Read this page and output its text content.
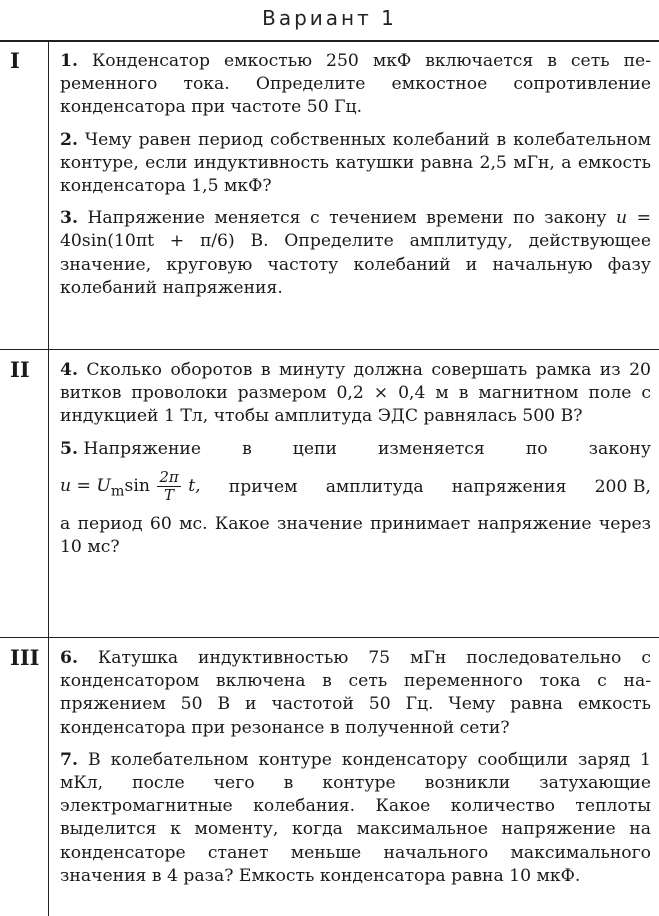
Вариант 1
I 1. Конденсатор емкостью 250 мкФ включается в сеть переменного тока. Определите емкостное сопротивление конденсатора при частоте 50 Гц.

2. Чему равен период собственных колебаний в колебательном контуре, если индуктивность катушки равна 2,5 мГн, а емкость конденсатора 1,5 мкФ?

3. Напряжение меняется с течением времени по закону u = 40sin(10πt + π/6) В. Определите амплитуду, действующее значение, круговую частоту колебаний и начальную фазу колебаний напряжения.

II 4. Сколько оборотов в минуту должна совершать рамка из 20 витков проволоки размером 0,2 × 0,4 м в магнитном поле с индукцией 1 Тл, чтобы амплитуда ЭДС равнялась 500 В?

5. Напряжение в цепи изменяется по закону
$u = U_m\sin \frac{2\pi}{T} t$, причем амплитуда напряжения 200 В,
а период 60 мс. Какое значение принимает напряжение через 10 мс?
III 6. Катушка индуктивностью 75 мГн последовательно с конденсатором включена в сеть переменного тока с напряжением 50 В и частотой 50 Гц. Чему равна емкость конденсатора при резонансе в полученной сети?

7. В колебательном контуре конденсатору сообщили заряд 1 мКл, после чего в контуре возникли затухающие электромагнитные колебания. Какое количество теплоты выделится к моменту, когда максимальное напряжение на конденсаторе станет меньше начального максимального значения в 4 раза? Емкость конденсатора равна 10 мкФ.
